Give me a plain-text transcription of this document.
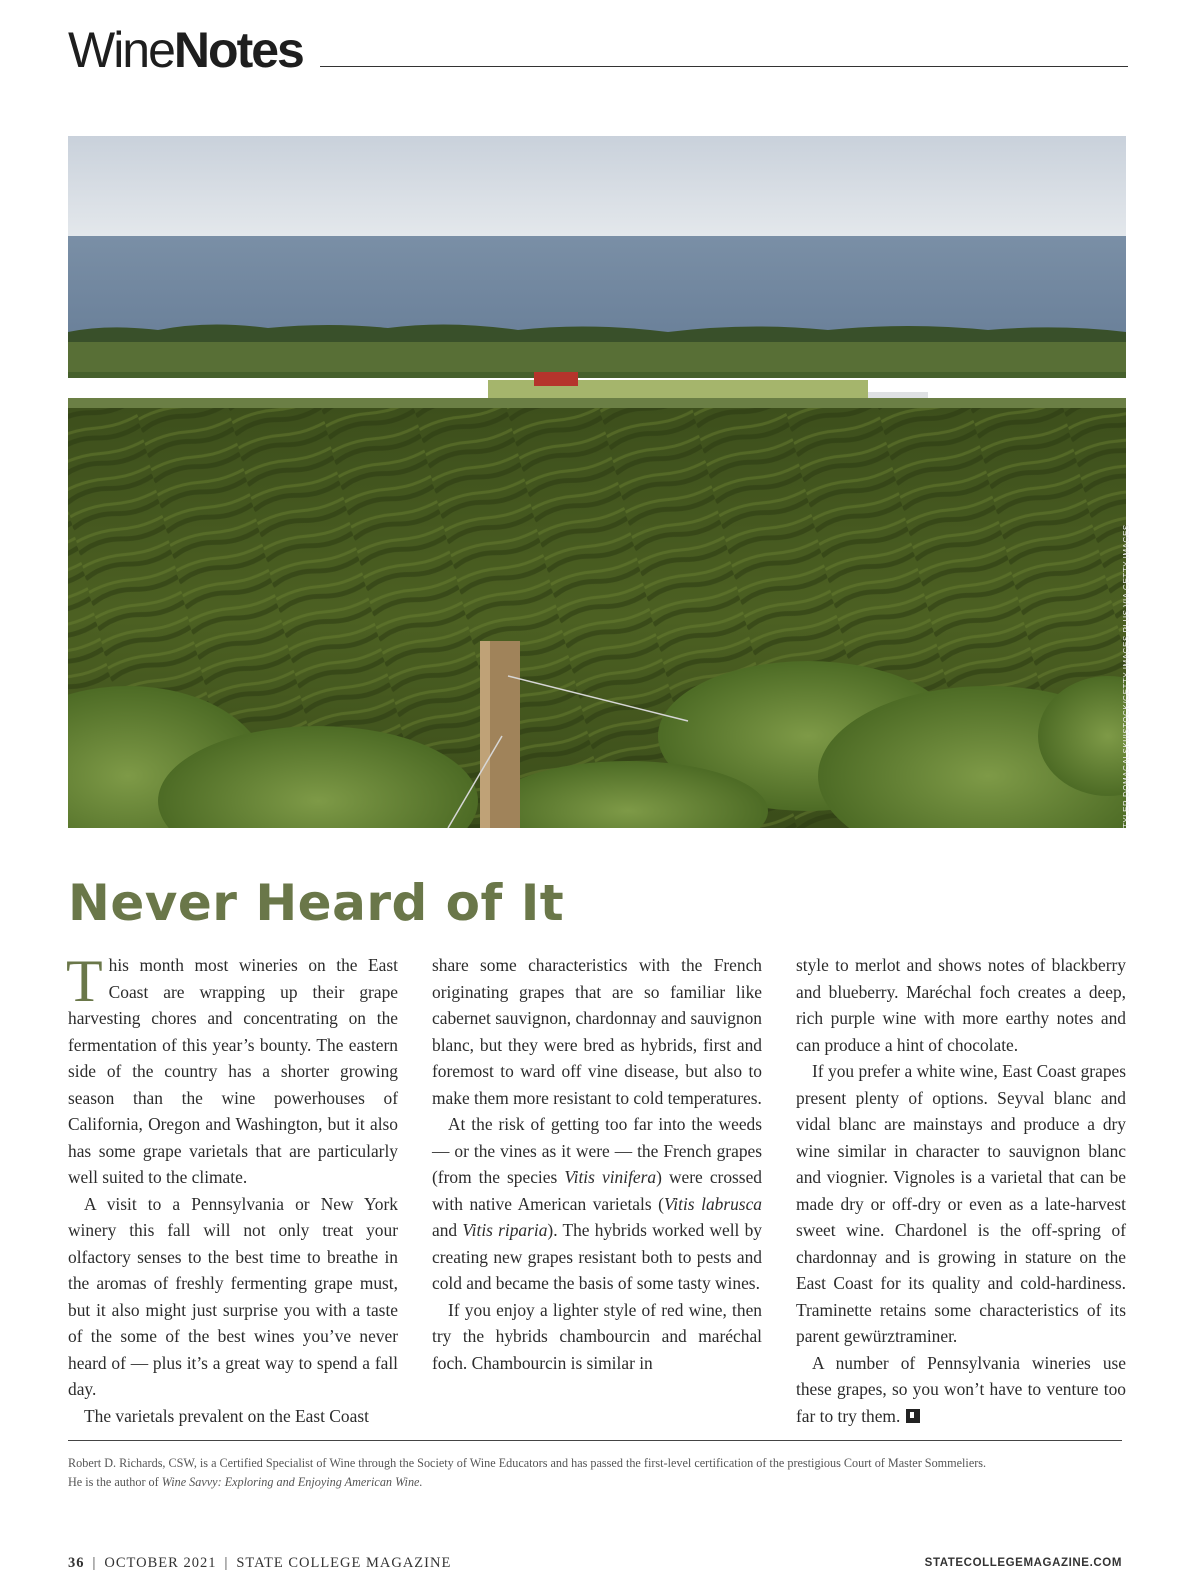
WineNotes
TYLER DOMAGALSKI/ISTOCK/GETTY IMAGES PLUS VIA GETTY IMAGES
Never Heard of It

This month most wineries on the East Coast are wrapping up their grape harvesting chores and concentrating on the fermentation of this year’s bounty. The eastern side of the country has a shorter growing season than the wine powerhouses of California, Oregon and Washington, but it also has some grape varietals that are particularly well suited to the climate.

A visit to a Pennsylvania or New York winery this fall will not only treat your olfactory senses to the best time to breathe in the aromas of freshly fermenting grape must, but it also might just surprise you with a taste of the some of the best wines you’ve never heard of — plus it’s a great way to spend a fall day.

The varietals prevalent on the East Coast

share some characteristics with the French originating grapes that are so familiar like cabernet sauvignon, chardonnay and sauvignon blanc, but they were bred as hybrids, first and foremost to ward off vine disease, but also to make them more resistant to cold temperatures.

At the risk of getting too far into the weeds — or the vines as it were — the French grapes (from the species Vitis vinifera) were crossed with native American varietals (Vitis labrusca and Vitis riparia). The hybrids worked well by creating new grapes resistant both to pests and cold and became the basis of some tasty wines.

If you enjoy a lighter style of red wine, then try the hybrids chambourcin and maréchal foch. Chambourcin is similar in

style to merlot and shows notes of blackberry and blueberry. Maréchal foch creates a deep, rich purple wine with more earthy notes and can produce a hint of chocolate.

If you prefer a white wine, East Coast grapes present plenty of options. Seyval blanc and vidal blanc are mainstays and produce a dry wine similar in character to sauvignon blanc and viognier. Vignoles is a varietal that can be made dry or off-dry or even as a late-harvest sweet wine. Chardonel is the off-spring of chardonnay and is growing in stature on the East Coast for its quality and cold-hardiness. Traminette retains some characteristics of its parent gewürztraminer.

A number of Pennsylvania wineries use these grapes, so you won’t have to venture too far to try them.

Robert D. Richards, CSW, is a Certified Specialist of Wine through the Society of Wine Educators and has passed the first-level certification of the prestigious Court of Master Sommeliers.
He is the author of Wine Savvy: Exploring and Enjoying American Wine.
36 | OCTOBER 2021 | STATE COLLEGE MAGAZINE	STATECOLLEGEMAGAZINE.COM
